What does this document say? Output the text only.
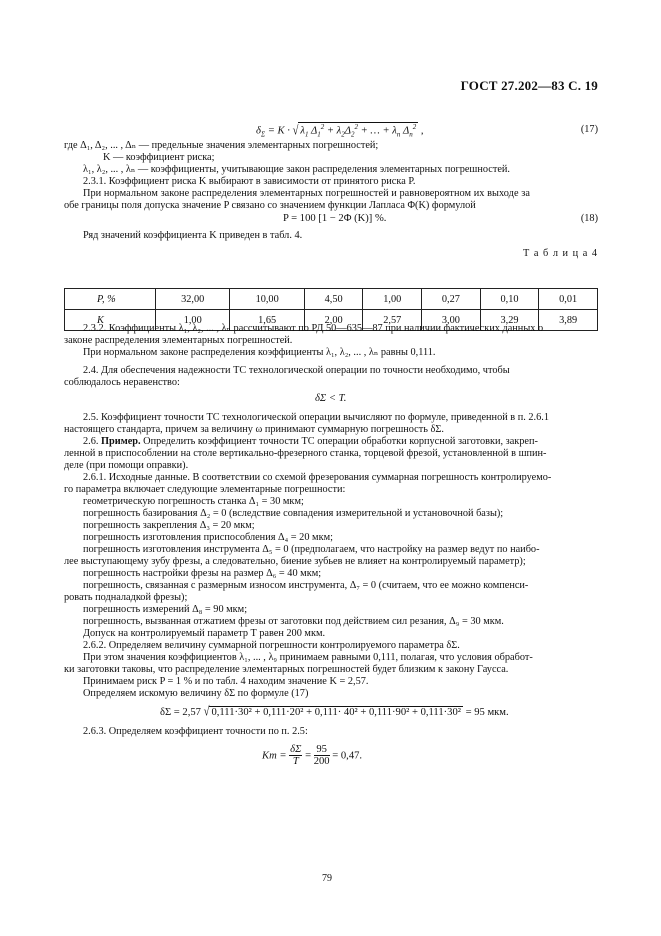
ГОСТ 27.202—83 С. 19
$\delta_\Sigma = K$ · √ $\lambda_1$ $\Delta_1^2 + \lambda_2\Delta_2^2$ + … + $\lambda_n$ $\Delta_n^2$ ,	(17)
где Δ₁, Δ₂, ... , Δₙ — предельные значения элементарных погрешностей;
K — коэффициент риска;
λ₁, λ₂, ... , λₙ — коэффициенты, учитывающие закон распределения элементарных погрешностей.
2.3.1. Коэффициент риска K выбирают в зависимости от принятого риска P.
При нормальном законе распределения элементарных погрешностей и равновероятном их выходе за
обе границы поля допуска значение P связано со значением функции Лапласа Φ(K) формулой
P = 100 [1 − 2Φ (K)] %.	(18)
Ряд значений коэффициента K приведен в табл. 4.
Т а б л и ц а 4
P, %	32,00	10,00	4,50	1,00	0,27	0,10	0,01
K	1,00	1,65	2,00	2,57	3,00	3,29	3,89
2.3.2. Коэффициенты λ₁, λ₂, ... , λₙ рассчитывают по РД 50—635—87 при наличии фактических данных о
законе распределения элементарных погрешностей.
При нормальном законе распределения коэффициенты λ₁, λ₂, ... , λₙ равны 0,111.
2.4. Для обеспечения надежности ТС технологической операции по точности необходимо, чтобы
соблюдалось неравенство:
δΣ < T.
2.5. Коэффициент точности ТС технологической операции вычисляют по формуле, приведенной в п. 2.6.1
настоящего стандарта, причем за величину ω принимают суммарную погрешность δΣ.
2.6. Пример. Определить коэффициент точности ТС операции обработки корпусной заготовки, закреп-
ленной в приспособлении на столе вертикально-фрезерного станка, торцевой фрезой, установленной в шпин-
деле (при помощи оправки).
2.6.1. Исходные данные. В соответствии со схемой фрезерования суммарная погрешность контролируемо-
го параметра включает следующие элементарные погрешности:
геометрическую погрешность станка Δ₁ = 30 мкм;
погрешность базирования Δ₂ = 0 (вследствие совпадения измерительной и установочной базы);
погрешность закрепления Δ₃ = 20 мкм;
погрешность изготовления приспособления Δ₄ = 20 мкм;
погрешность изготовления инструмента Δ₅ = 0 (предполагаем, что настройку на размер ведут по наибо-
лее выступающему зубу фрезы, а следовательно, биение зубьев не влияет на контролируемый параметр);
погрешность настройки фрезы на размер Δ₆ = 40 мкм;
погрешность, связанная с размерным износом инструмента, Δ₇ = 0 (считаем, что ее можно компенси-
ровать подналадкой фрезы);
погрешность измерений Δ₈ = 90 мкм;
погрешность, вызванная отжатием фрезы от заготовки под действием сил резания, Δ₉ = 30 мкм.
Допуск на контролируемый параметр T равен 200 мкм.
2.6.2. Определяем величину суммарной погрешности контролируемого параметра δΣ.
При этом значения коэффициентов λ₁, ... , λ₉ принимаем равными 0,111, полагая, что условия обработ-
ки заготовки таковы, что распределение элементарных погрешностей будет близким к закону Гаусса.
Принимаем риск P = 1 % и по табл. 4 находим значение K = 2,57.
Определяем искомую величину δΣ по формуле (17)
δΣ = 2,57 √ 0,111·30² + 0,111·20² + 0,111· 40² + 0,111·90² + 0,111·30² = 95 мкм.
2.6.3. Определяем коэффициент точности по п. 2.5:
Kт = $\frac{\delta\Sigma}{T} = \frac{95}{200} = 0,47$.
79
